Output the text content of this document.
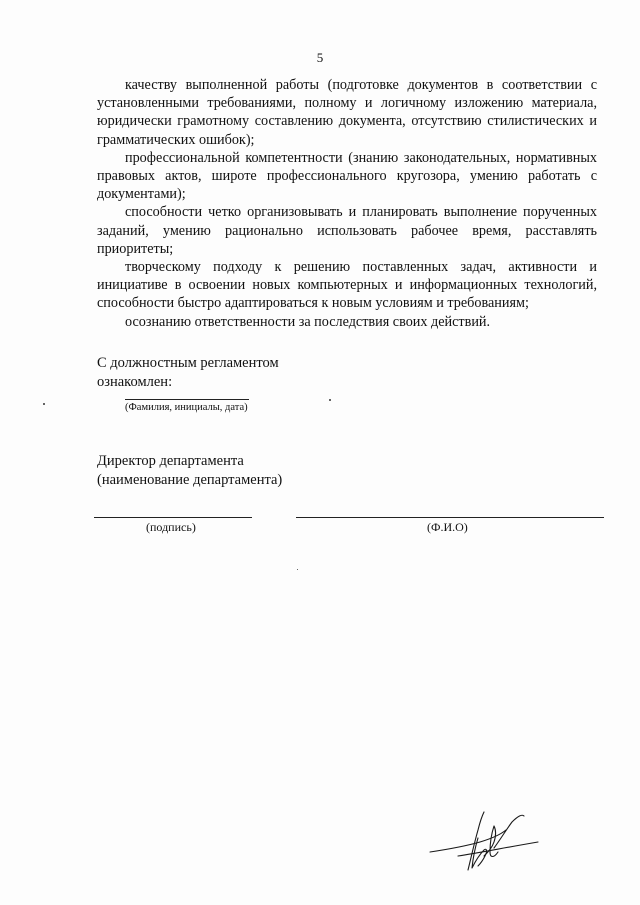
5

качеству выполненной работы (подготовке документов в соответствии с установленными требованиями, полному и логичному изложению материала, юридически грамотному составлению документа, отсутствию стилистических и грамматических ошибок);

профессиональной компетентности (знанию законодательных, нормативных правовых актов, широте профессионального кругозора, умению работать с документами);

способности четко организовывать и планировать выполнение порученных заданий, умению рационально использовать рабочее время, расставлять приоритеты;

творческому подходу к решению поставленных задач, активности и инициативе в освоении новых компьютерных и информационных технологий, способности быстро адаптироваться к новым условиям и требованиям;

осознанию ответственности за последствия своих действий.

С должностным регламентом
ознакомлен:
(Фамилия, инициалы, дата)
Директор департамента
(наименование департамента)
(подпись)	(Ф.И.О)
